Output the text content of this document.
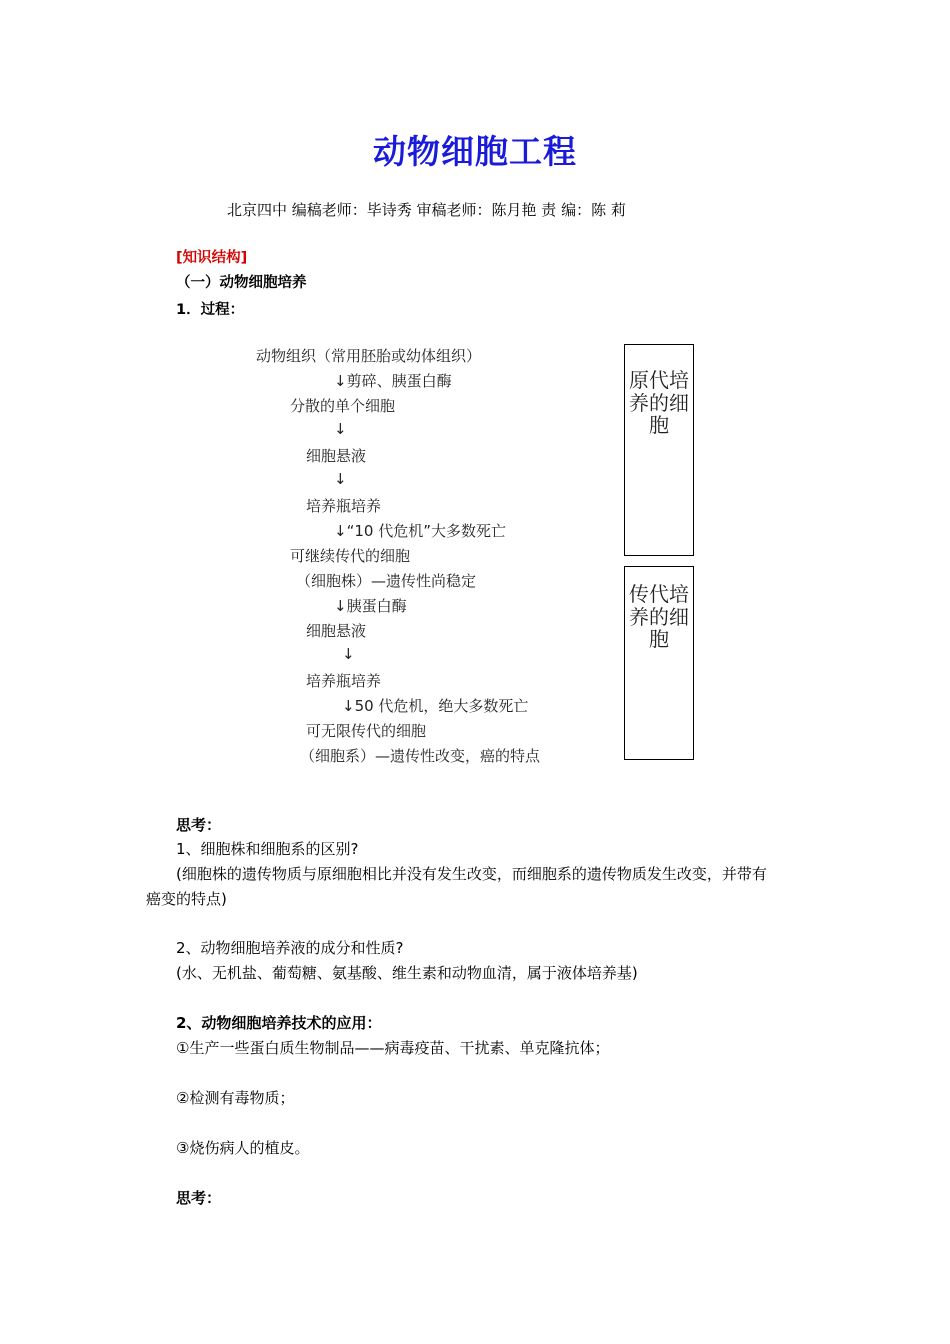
动物细胞工程
北京四中 编稿老师：毕诗秀 审稿老师：陈月艳 责 编：陈 莉
[知识结构]
（一）动物细胞培养
1．过程：
动物组织（常用胚胎或幼体组织）
↓剪碎、胰蛋白酶
分散的单个细胞
↓
细胞悬液
↓
培养瓶培养
↓“10 代危机”大多数死亡
可继续传代的细胞
（细胞株）—遗传性尚稳定
↓胰蛋白酶
细胞悬液
↓
培养瓶培养
↓50 代危机，绝大多数死亡
可无限传代的细胞
（细胞系）—遗传性改变，癌的特点
原代培养的细胞
传代培养的细胞
思考：
1、细胞株和细胞系的区别?
(细胞株的遗传物质与原细胞相比并没有发生改变，而细胞系的遗传物质发生改变，并带有
癌变的特点)
2、动物细胞培养液的成分和性质?
(水、无机盐、葡萄糖、氨基酸、维生素和动物血清，属于液体培养基)
2、动物细胞培养技术的应用：
①生产一些蛋白质生物制品——病毒疫苗、干扰素、单克隆抗体；
②检测有毒物质；
③烧伤病人的植皮。
思考：
